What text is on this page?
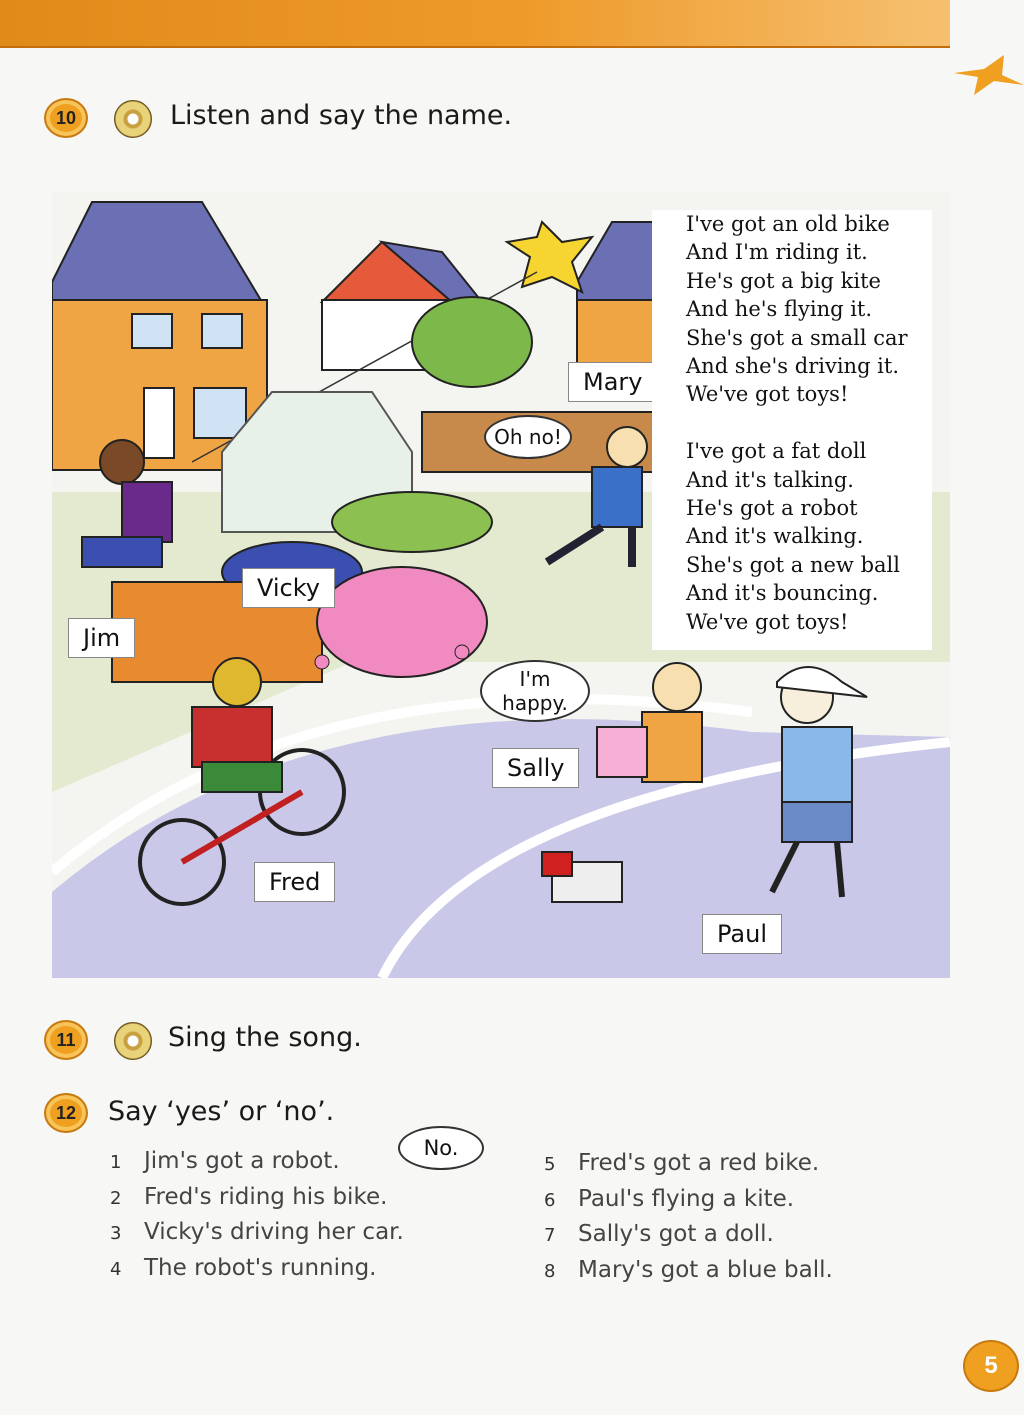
10	Listen and say the name.
Oh no!
I'm
happy.
Jim
Vicky
Mary
Fred
Sally
Paul
I've got an old bike
And I'm riding it.
He's got a big kite
And he's flying it.
She's got a small car
And she's driving it.
We've got toys!
I've got a fat doll
And it's talking.
He's got a robot
And it's walking.
She's got a new ball
And it's bouncing.
We've got toys!
11	Sing the song.
12	Say ‘yes’ or ‘no’.
No.
1 Jim's got a robot.
2 Fred's riding his bike.
3 Vicky's driving her car.
4 The robot's running.
5 Fred's got a red bike.
6 Paul's flying a kite.
7 Sally's got a doll.
8 Mary's got a blue ball.
5
